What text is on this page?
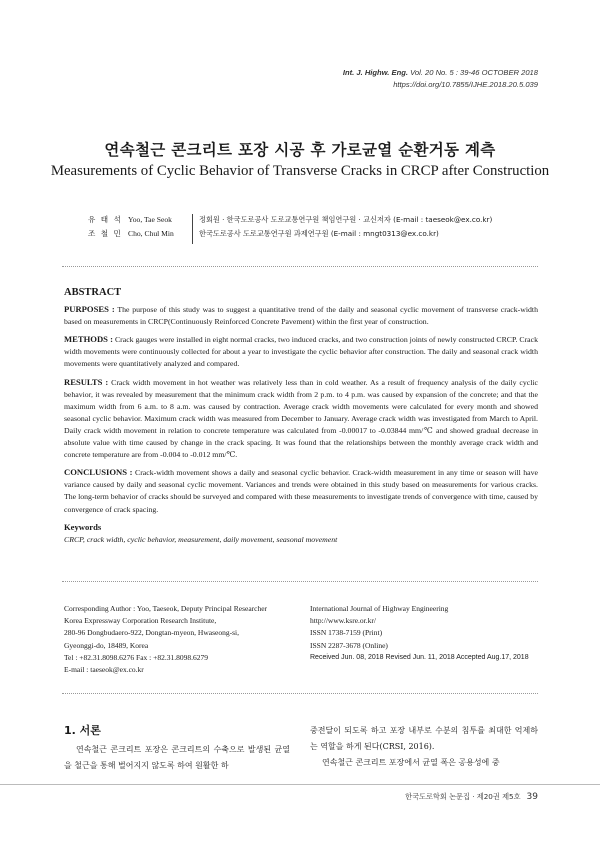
Int. J. Highw. Eng. Vol. 20 No. 5 : 39-46 OCTOBER 2018
https://doi.org/10.7855/IJHE.2018.20.5.039
연속철근 콘크리트 포장 시공 후 가로균열 순환거동 계측
Measurements of Cyclic Behavior of Transverse Cracks in CRCP after Construction
유 태 석 Yoo, Tae Seok	정회원 · 한국도로공사 도로교통연구원 책임연구원 · 교신저자 (E-mail : taeseok@ex.co.kr)
조 철 민 Cho, Chul Min	한국도로공사 도로교통연구원 과제연구원 (E-mail : mngt0313@ex.co.kr)
ABSTRACT

PURPOSES : The purpose of this study was to suggest a quantitative trend of the daily and seasonal cyclic movement of transverse crack-width based on measurements in CRCP(Continuously Reinforced Concrete Pavement) within the first year of construction.

METHODS : Crack gauges were installed in eight normal cracks, two induced cracks, and two construction joints of newly constructed CRCP. Crack width movements were continuously collected for about a year to investigate the cyclic behavior after construction. The daily and seasonal crack width movements were quantitatively analyzed and compared.

RESULTS : Crack width movement in hot weather was relatively less than in cold weather. As a result of frequency analysis of the daily cyclic behavior, it was revealed by measurement that the minimum crack width from 2 p.m. to 4 p.m. was caused by expansion of the concrete; and that the maximum width from 6 a.m. to 8 a.m. was caused by contraction. Average crack width movements were calculated for every month and showed seasonal cyclic behavior. Maximum crack width was measured from December to January. Average crack width was investigated from March to April. Daily crack width movement in relation to concrete temperature was calculated from -0.00017 to -0.03844 mm/℃ and showed gradual decrease in absolute value with time caused by change in the crack spacing. It was found that the relationships between the monthly average crack width and concrete temperature are from -0.004 to -0.012 mm/℃.

CONCLUSIONS : Crack-width movement shows a daily and seasonal cyclic behavior. Crack-width measurement in any time or season will have variance caused by daily and seasonal cyclic movement. Variances and trends were obtained in this study based on measurements for various cracks. The long-term behavior of cracks should be surveyed and compared with these measurements to investigate trends of convergence with time, caused by convergence of crack spacing.

Keywords

CRCP, crack width, cyclic behavior, measurement, daily movement, seasonal movement

Corresponding Author : Yoo, Taeseok, Deputy Principal Researcher
Korea Expressway Corporation Research Institute,
280-96 Dongbudaero-922, Dongtan-myeon, Hwaseong-si,
Gyeonggi-do, 18489, Korea
Tel : +82.31.8098.6276 Fax : +82.31.8098.6279
E-mail : taeseok@ex.co.kr
International Journal of Highway Engineering
http://www.ksre.or.kr/
ISSN 1738-7159 (Print)
ISSN 2287-3678 (Online)
Received Jun. 08, 2018 Revised Jun. 11, 2018 Accepted Aug.17, 2018
1. 서론
연속철근 콘크리트 포장은 콘크리트의 수축으로 발생된 균열을 철근을 통해 벌어지지 않도록 하여 원활한 하
중전달이 되도록 하고 포장 내부로 수분의 침투를 최대한 억제하는 역할을 하게 된다(CRSI, 2016).
연속철근 콘크리트 포장에서 균열 폭은 공용성에 중
한국도로학회 논문집 · 제20권 제5호 39
